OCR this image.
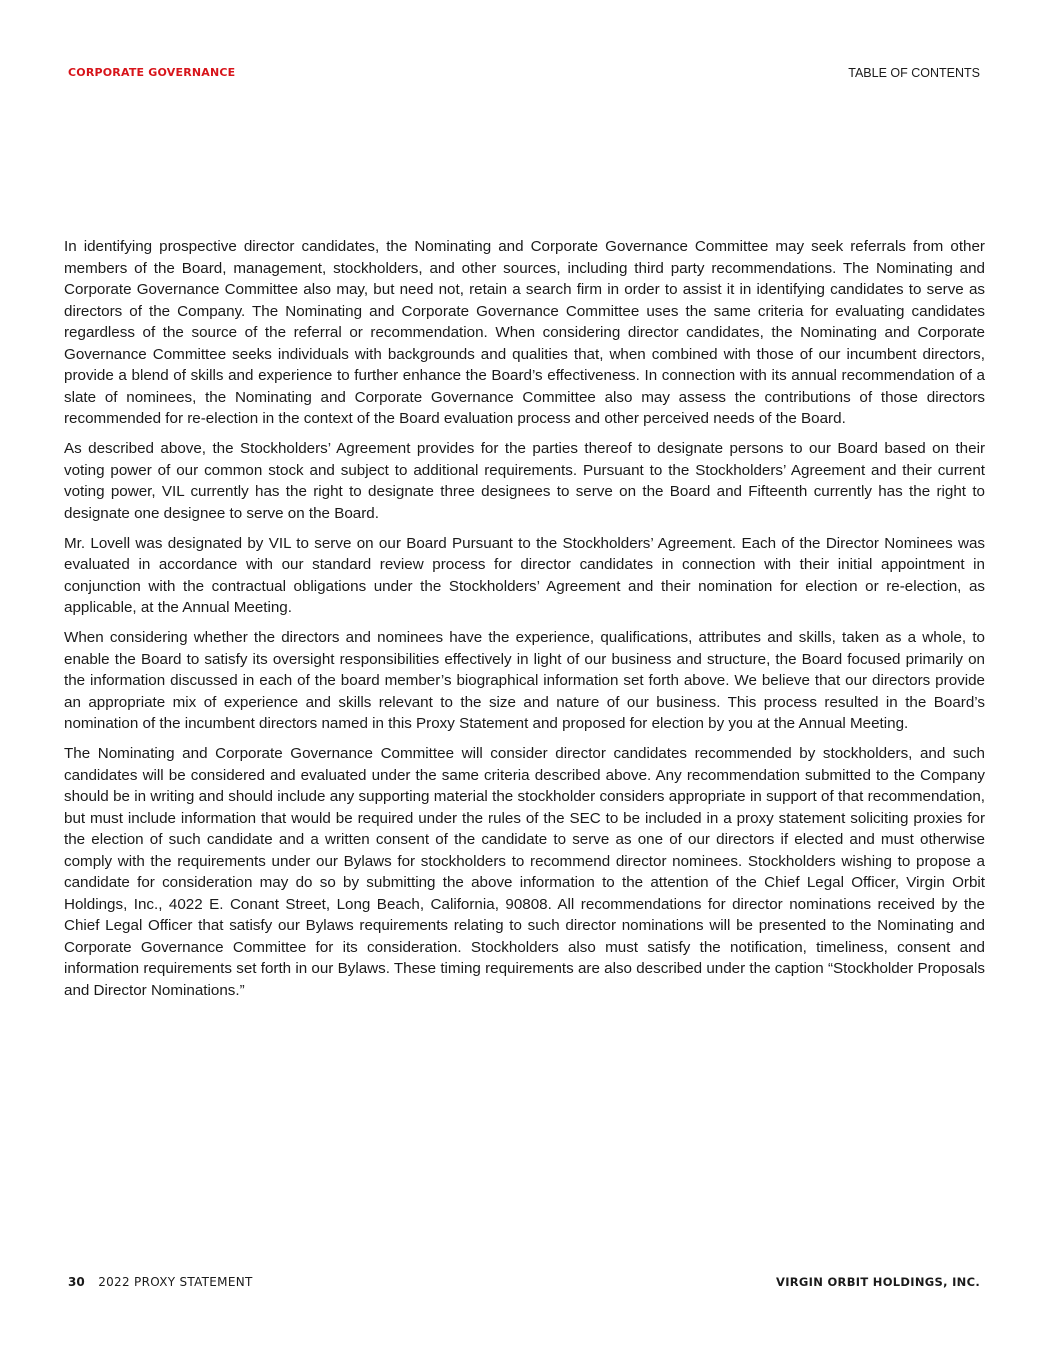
CORPORATE GOVERNANCE	TABLE OF CONTENTS

In identifying prospective director candidates, the Nominating and Corporate Governance Committee may seek referrals from other members of the Board, management, stockholders, and other sources, including third party recommendations. The Nominating and Corporate Governance Committee also may, but need not, retain a search firm in order to assist it in identifying candidates to serve as directors of the Company. The Nominating and Corporate Governance Committee uses the same criteria for evaluating candidates regardless of the source of the referral or recommendation. When considering director candidates, the Nominating and Corporate Governance Committee seeks individuals with backgrounds and qualities that, when combined with those of our incumbent directors, provide a blend of skills and experience to further enhance the Board’s effectiveness. In connection with its annual recommendation of a slate of nominees, the Nominating and Corporate Governance Committee also may assess the contributions of those directors recommended for re-election in the context of the Board evaluation process and other perceived needs of the Board.

As described above, the Stockholders’ Agreement provides for the parties thereof to designate persons to our Board based on their voting power of our common stock and subject to additional requirements. Pursuant to the Stockholders’ Agreement and their current voting power, VIL currently has the right to designate three designees to serve on the Board and Fifteenth currently has the right to designate one designee to serve on the Board.

Mr. Lovell was designated by VIL to serve on our Board Pursuant to the Stockholders’ Agreement. Each of the Director Nominees was evaluated in accordance with our standard review process for director candidates in connection with their initial appointment in conjunction with the contractual obligations under the Stockholders’ Agreement and their nomination for election or re-election, as applicable, at the Annual Meeting.

When considering whether the directors and nominees have the experience, qualifications, attributes and skills, taken as a whole, to enable the Board to satisfy its oversight responsibilities effectively in light of our business and structure, the Board focused primarily on the information discussed in each of the board member’s biographical information set forth above. We believe that our directors provide an appropriate mix of experience and skills relevant to the size and nature of our business. This process resulted in the Board’s nomination of the incumbent directors named in this Proxy Statement and proposed for election by you at the Annual Meeting.

The Nominating and Corporate Governance Committee will consider director candidates recommended by stockholders, and such candidates will be considered and evaluated under the same criteria described above. Any recommendation submitted to the Company should be in writing and should include any supporting material the stockholder considers appropriate in support of that recommendation, but must include information that would be required under the rules of the SEC to be included in a proxy statement soliciting proxies for the election of such candidate and a written consent of the candidate to serve as one of our directors if elected and must otherwise comply with the requirements under our Bylaws for stockholders to recommend director nominees. Stockholders wishing to propose a candidate for consideration may do so by submitting the above information to the attention of the Chief Legal Officer, Virgin Orbit Holdings, Inc., 4022 E. Conant Street, Long Beach, California, 90808. All recommendations for director nominations received by the Chief Legal Officer that satisfy our Bylaws requirements relating to such director nominations will be presented to the Nominating and Corporate Governance Committee for its consideration. Stockholders also must satisfy the notification, timeliness, consent and information requirements set forth in our Bylaws. These timing requirements are also described under the caption “Stockholder Proposals and Director Nominations.”

30 2022 PROXY STATEMENT	VIRGIN ORBIT HOLDINGS, INC.
